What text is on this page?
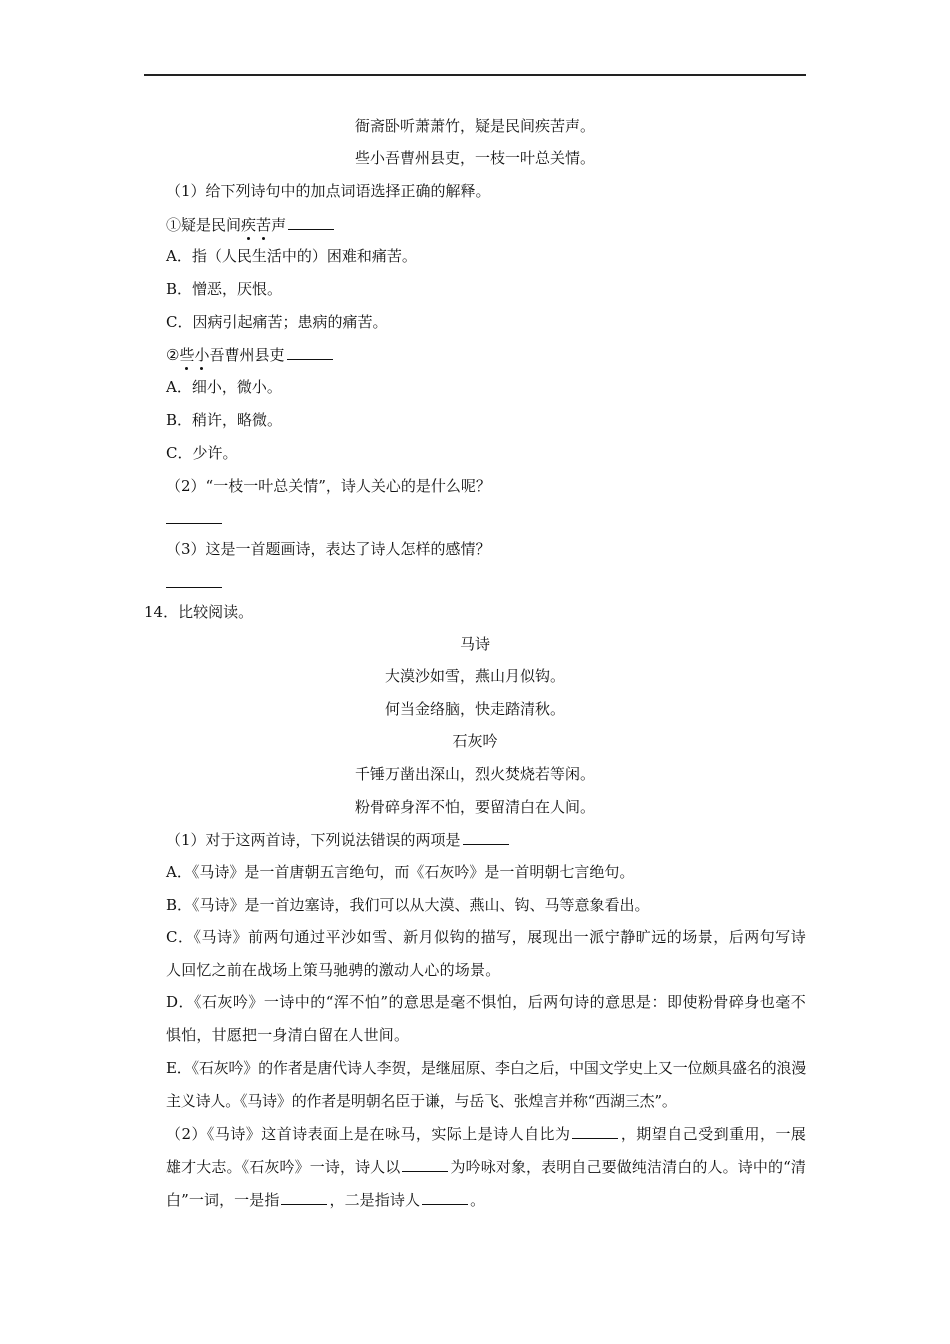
衙斋卧听萧萧竹，疑是民间疾苦声。
些小吾曹州县吏，一枝一叶总关情。
（1）给下列诗句中的加点词语选择正确的解释。
①疑是民间疾苦声
A．指（人民生活中的）困难和痛苦。
B．憎恶，厌恨。
C．因病引起痛苦；患病的痛苦。
②些小吾曹州县吏
A．细小，微小。
B．稍许，略微。
C．少许。
（2）“一枝一叶总关情”，诗人关心的是什么呢？
（3）这是一首题画诗，表达了诗人怎样的感情？
14．比较阅读。
马诗
大漠沙如雪，燕山月似钩。
何当金络脑，快走踏清秋。
石灰吟
千锤万凿出深山，烈火焚烧若等闲。
粉骨碎身浑不怕，要留清白在人间。
（1）对于这两首诗，下列说法错误的两项是
A．《马诗》是一首唐朝五言绝句，而《石灰吟》是一首明朝七言绝句。
B．《马诗》是一首边塞诗，我们可以从大漠、燕山、钩、马等意象看出。
C．《马诗》前两句通过平沙如雪、新月似钩的描写，展现出一派宁静旷远的场景，后两句写诗人回忆之前在战场上策马驰骋的激动人心的场景。
D．《石灰吟》一诗中的“浑不怕”的意思是毫不惧怕，后两句诗的意思是：即使粉骨碎身也毫不惧怕，甘愿把一身清白留在人世间。
E．《石灰吟》的作者是唐代诗人李贺，是继屈原、李白之后，中国文学史上又一位颇具盛名的浪漫主义诗人。《马诗》的作者是明朝名臣于谦，与岳飞、张煌言并称“西湖三杰”。
（2）《马诗》这首诗表面上是在咏马，实际上是诗人自比为	，期望自己受到重用，一展雄才大志。《石灰吟》一诗，诗人以	为吟咏对象，表明自己要做纯洁清白的人。诗中的“清白”一词，一是指	，二是指诗人	。
